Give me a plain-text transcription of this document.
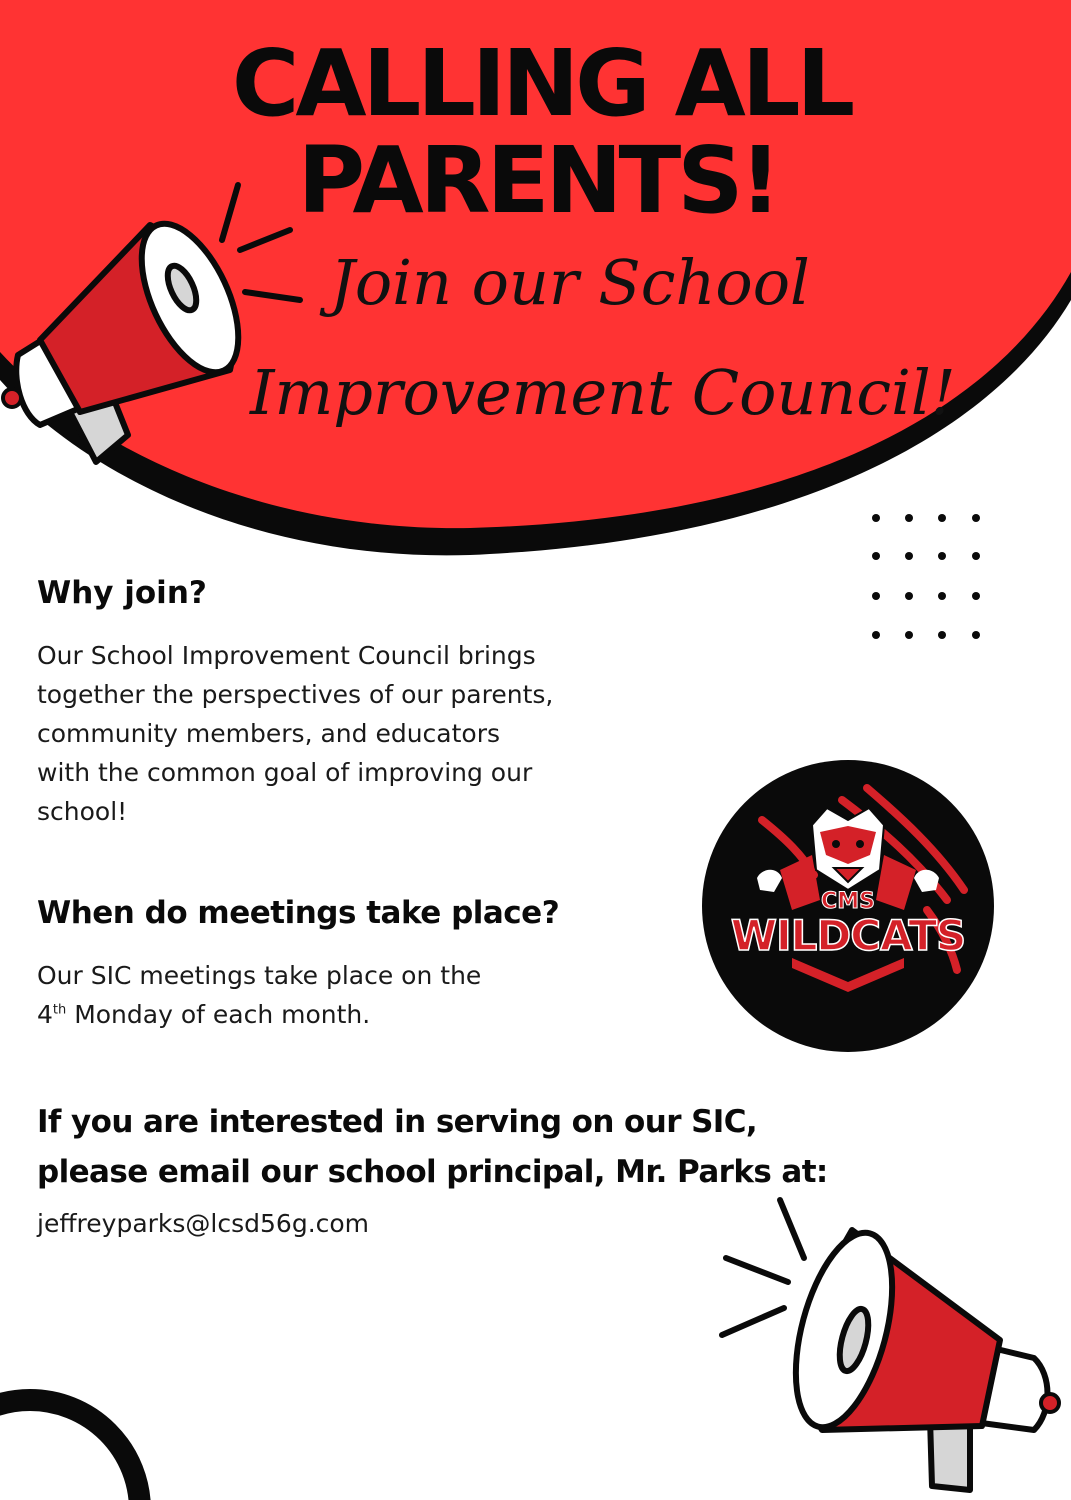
CALLING ALL
PARENTS!

Join our School

Improvement Council!

Why join?

Our School Improvement Council brings together the perspectives of our parents, community members, and educators with the common goal of improving our school!

CMS
WILDCATS
When do meetings take place?

Our SIC meetings take place on the
4th Monday of each month.

If you are interested in serving on our SIC,
please email our school principal, Mr. Parks at:

jeffreyparks@lcsd56g.com
